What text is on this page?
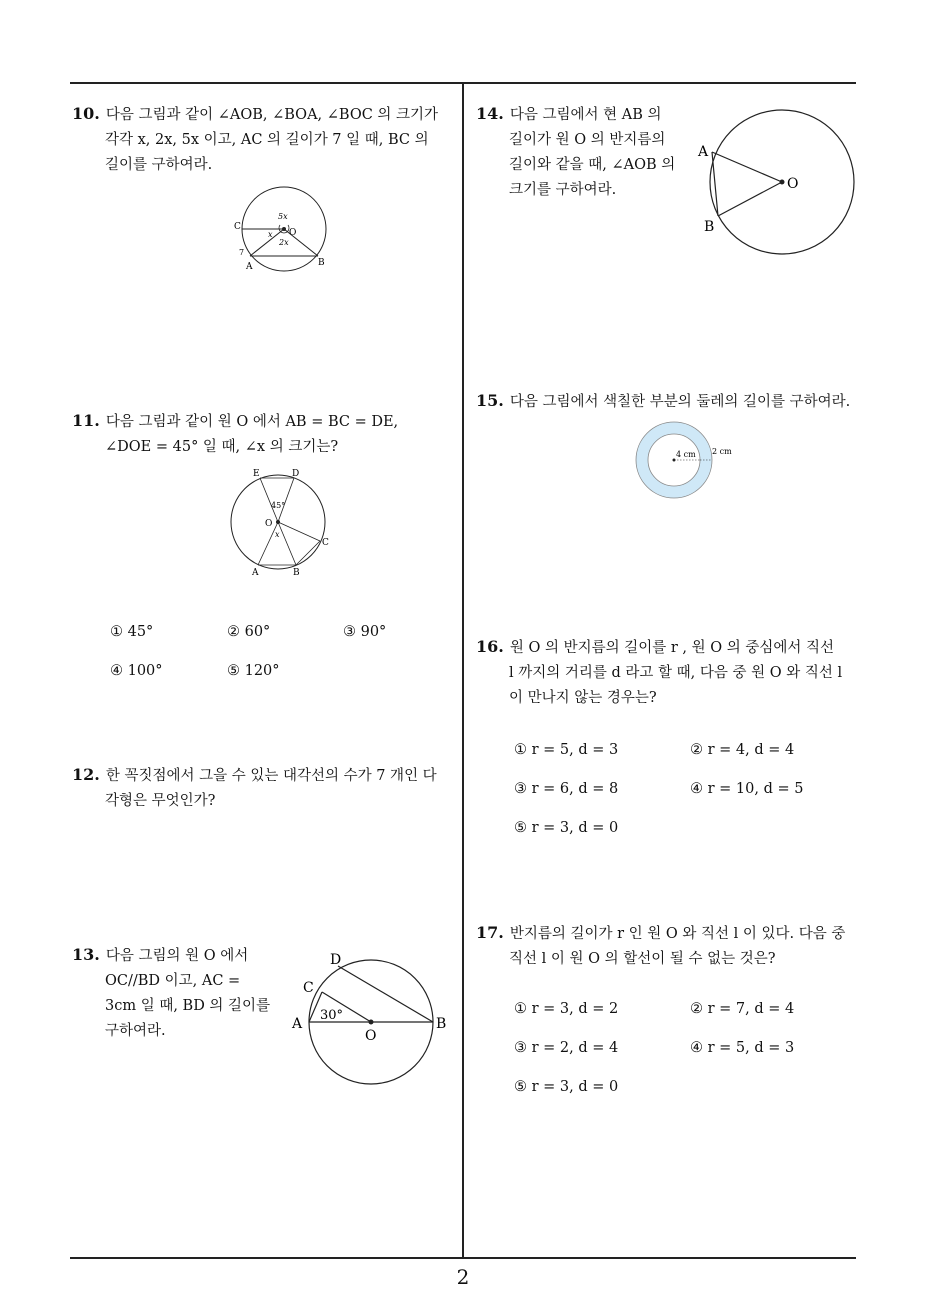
10. 다음 그림과 같이 ∠AOB, ∠BOA, ∠BOC 의 크기가
각각 x, 2x, 5x 이고, AC 의 길이가 7 일 때, BC 의
길이를 구하여라.
C
O
A	B
5x
x
2x
7
11. 다음 그림과 같이 원 O 에서 AB = BC = DE,
∠DOE = 45° 일 때, ∠x 의 크기는?
E	D
O
C
A	B
45°
x
① 45°	② 60°	③ 90°
④ 100°	⑤ 120°
12. 한 꼭짓점에서 그을 수 있는 대각선의 수가 7 개인 다
각형은 무엇인가?
13. 다음 그림의 원 O 에서
OC//BD 이고, AC =
3cm 일 때, BD 의 길이를
구하여라.
D
C
A
O
B
30°
14. 다음 그림에서 현 AB 의
길이가 원 O 의 반지름의
길이와 같을 때, ∠AOB 의
크기를 구하여라.
A
B
O
15. 다음 그림에서 색칠한 부분의 둘레의 길이를 구하여라.
4 cm 2 cm
16. 원 O 의 반지름의 길이를 r , 원 O 의 중심에서 직선
l 까지의 거리를 d 라고 할 때, 다음 중 원 O 와 직선 l
이 만나지 않는 경우는?
① r = 5, d = 3	② r = 4, d = 4
③ r = 6, d = 8	④ r = 10, d = 5
⑤ r = 3, d = 0
17. 반지름의 길이가 r 인 원 O 와 직선 l 이 있다. 다음 중
직선 l 이 원 O 의 할선이 될 수 없는 것은?
① r = 3, d = 2	② r = 7, d = 4
③ r = 2, d = 4	④ r = 5, d = 3
⑤ r = 3, d = 0
2
